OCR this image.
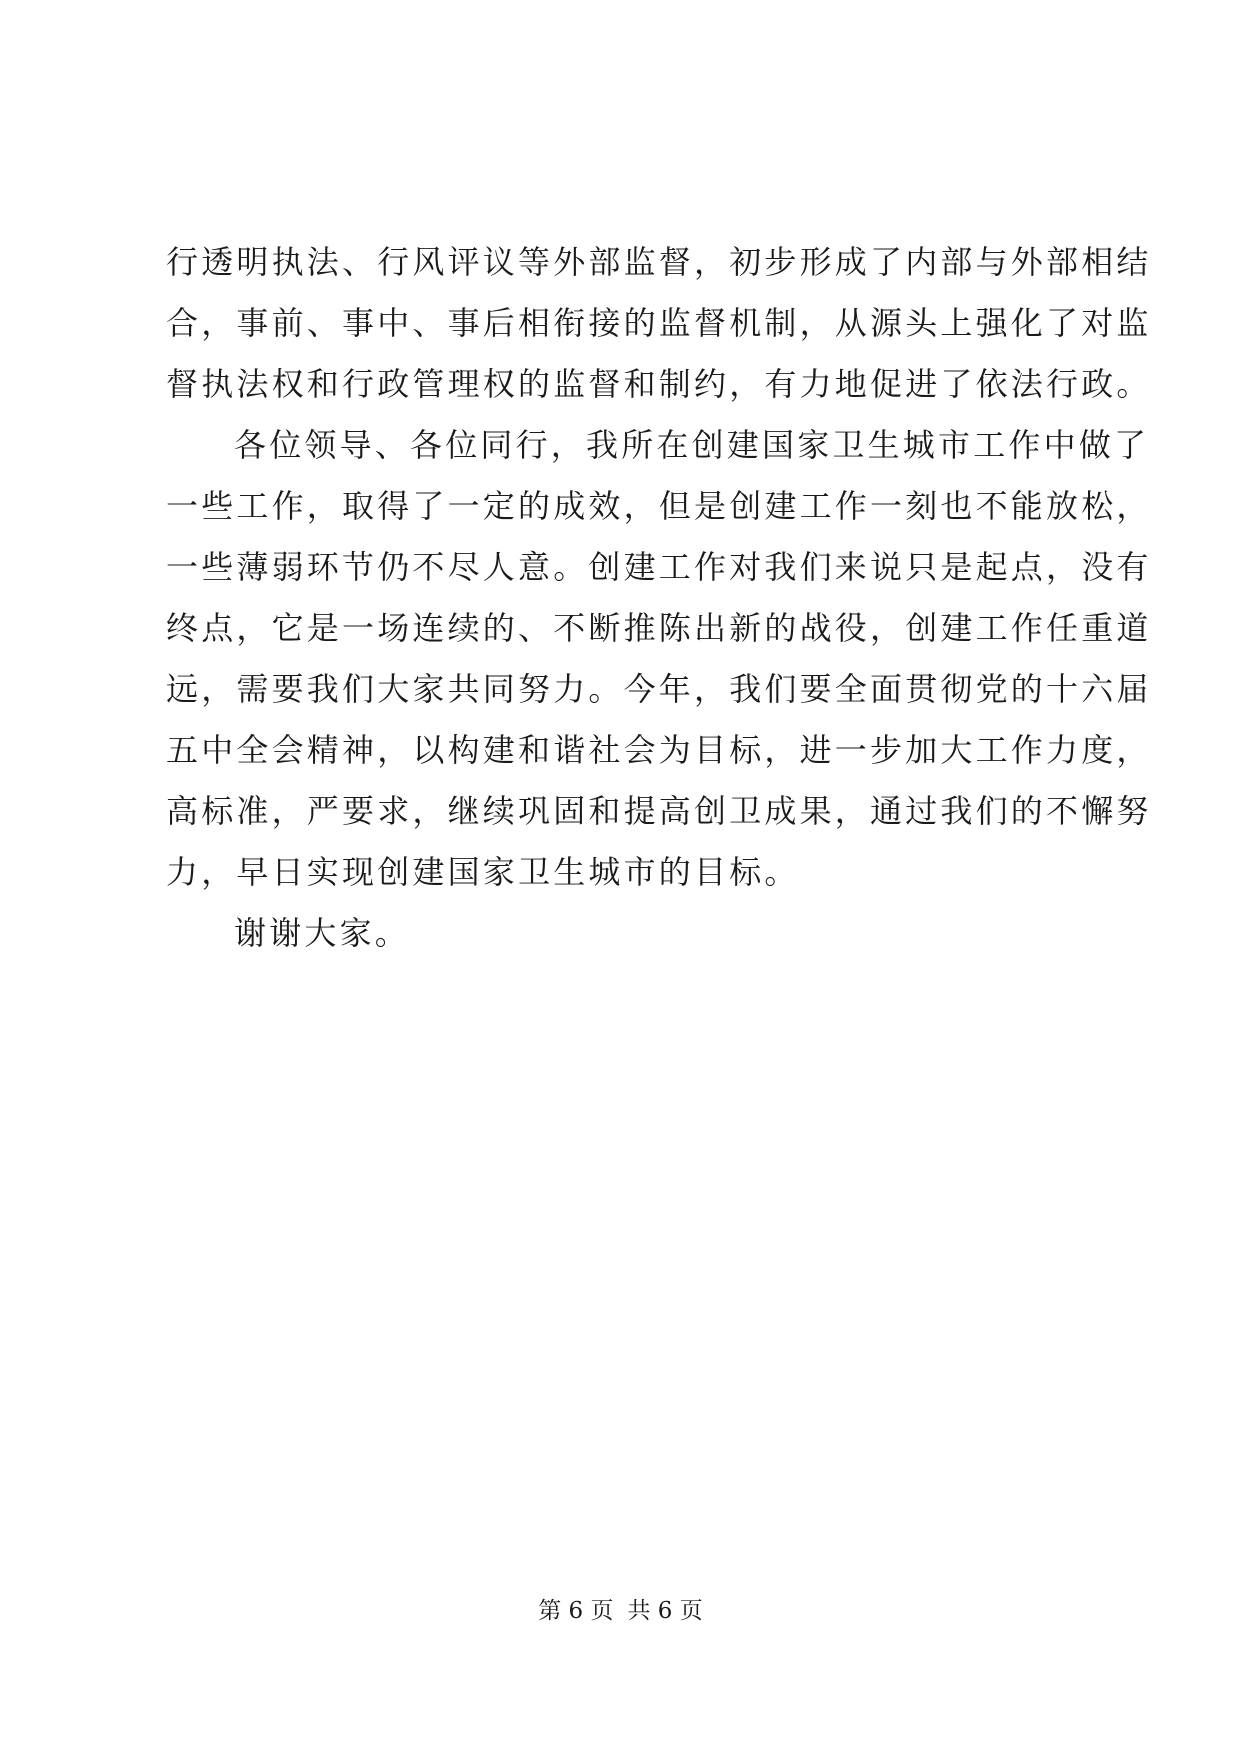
行透明执法、行风评议等外部监督，初步形成了内部与外部相结
合，事前、事中、事后相衔接的监督机制，从源头上强化了对监
督执法权和行政管理权的监督和制约，有力地促进了依法行政。
各位领导、各位同行，我所在创建国家卫生城市工作中做了
一些工作，取得了一定的成效，但是创建工作一刻也不能放松，
一些薄弱环节仍不尽人意。创建工作对我们来说只是起点，没有
终点，它是一场连续的、不断推陈出新的战役，创建工作任重道
远，需要我们大家共同努力。今年，我们要全面贯彻党的十六届
五中全会精神，以构建和谐社会为目标，进一步加大工作力度，
高标准，严要求，继续巩固和提高创卫成果，通过我们的不懈努
力，早日实现创建国家卫生城市的目标。
谢谢大家。
第 6 页 共 6 页
